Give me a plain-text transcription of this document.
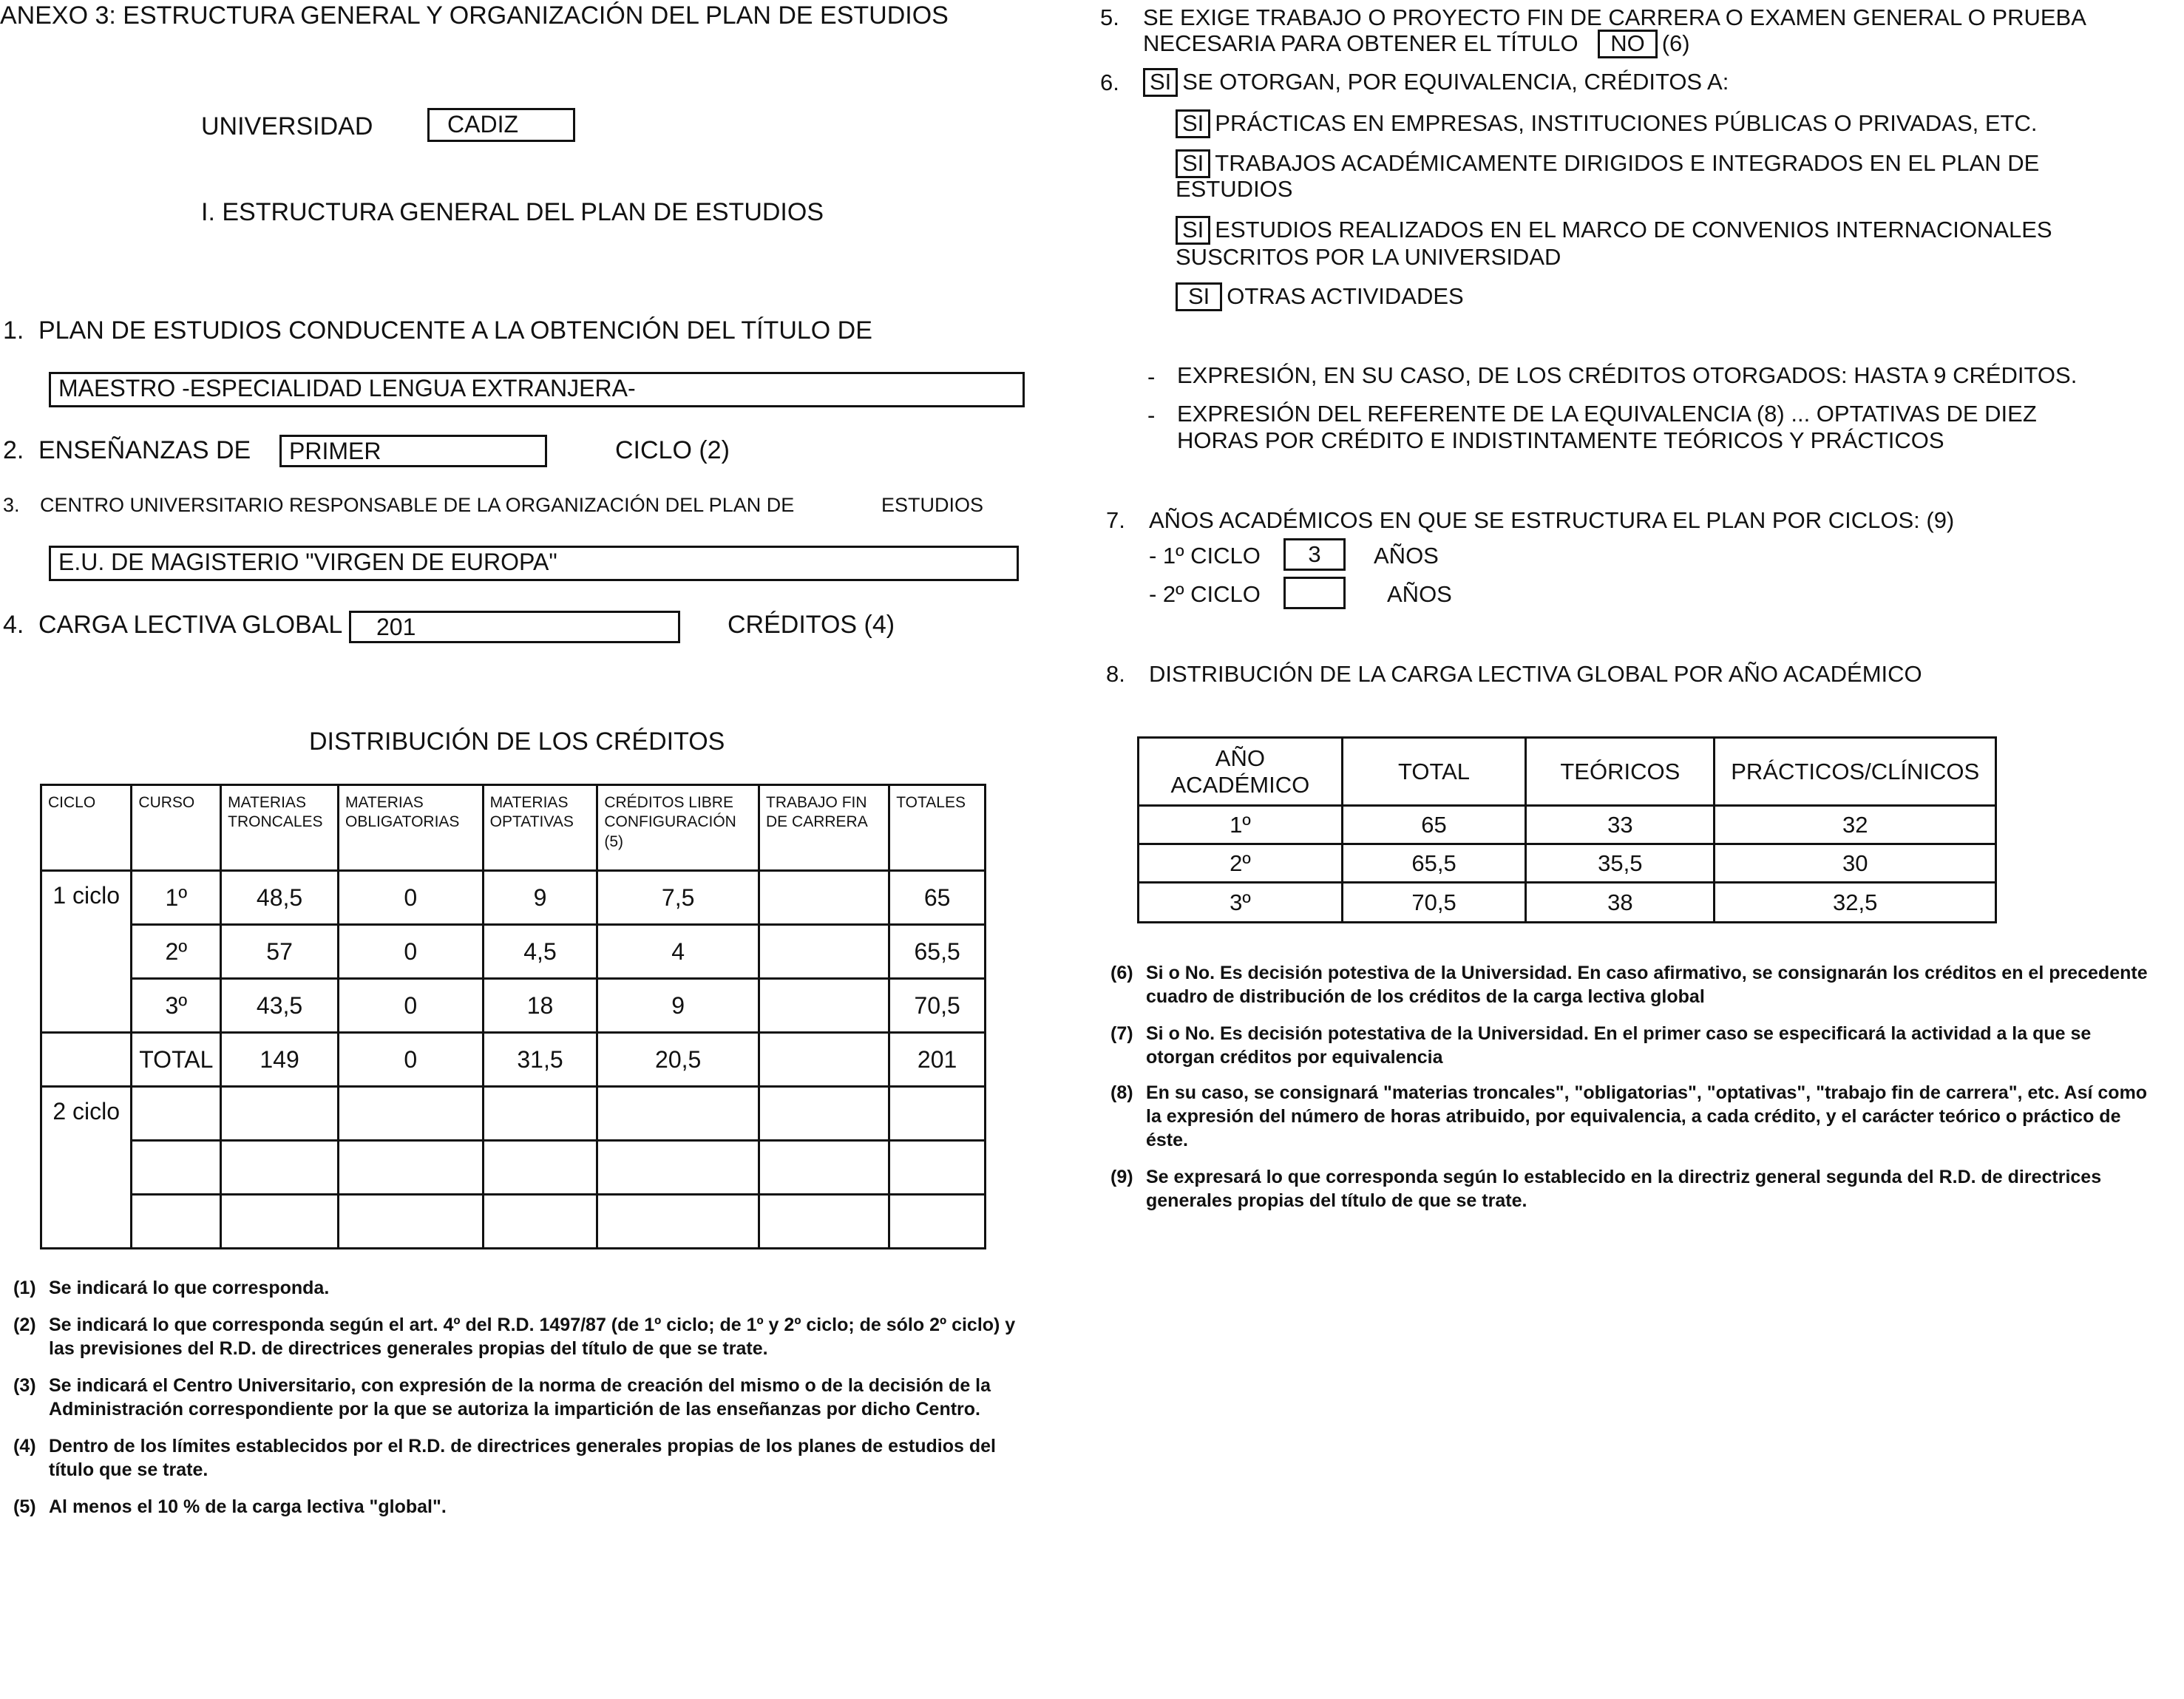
ANEXO 3: ESTRUCTURA GENERAL Y ORGANIZACIÓN DEL PLAN DE ESTUDIOS
UNIVERSIDAD	CADIZ
I. ESTRUCTURA GENERAL DEL PLAN DE ESTUDIOS
1. PLAN DE ESTUDIOS CONDUCENTE A LA OBTENCIÓN DEL TÍTULO DE
MAESTRO -ESPECIALIDAD LENGUA EXTRANJERA-
2. ENSEÑANZAS DE	PRIMER	CICLO (2)
3. CENTRO UNIVERSITARIO RESPONSABLE DE LA ORGANIZACIÓN DEL PLAN DE	ESTUDIOS
E.U. DE MAGISTERIO "VIRGEN DE EUROPA"
4. CARGA LECTIVA GLOBAL	201	CRÉDITOS (4)
DISTRIBUCIÓN DE LOS CRÉDITOS
CICLO	CURSO	MATERIAS TRONCALES	MATERIAS OBLIGATORIAS	MATERIAS OPTATIVAS	CRÉDITOS LIBRE CONFIGURACIÓN (5)	TRABAJO FIN DE CARRERA	TOTALES
1 ciclo	1º	48,5	0	9	7,5		65
	2º	57	0	4,5	4		65,5
	3º	43,5	0	18	9		70,5
	TOTAL	149	0	31,5	20,5		201
2 ciclo							

(1) Se indicará lo que corresponda.
(2) Se indicará lo que corresponda según el art. 4º del R.D. 1497/87 (de 1º ciclo; de 1º y 2º ciclo; de sólo 2º ciclo) y las previsiones del R.D. de directrices generales propias del título de que se trate.
(3) Se indicará el Centro Universitario, con expresión de la norma de creación del mismo o de la decisión de la Administración correspondiente por la que se autoriza la impartición de las enseñanzas por dicho Centro.
(4) Dentro de los límites establecidos por el R.D. de directrices generales propias de los planes de estudios del título que se trate.
(5) Al menos el 10 % de la carga lectiva "global".
5. SE EXIGE TRABAJO O PROYECTO FIN DE CARRERA O EXAMEN GENERAL O PRUEBA
NECESARIA PARA OBTENER EL TÍTULO NO (6)
6. SI SE OTORGAN, POR EQUIVALENCIA, CRÉDITOS A:
SI PRÁCTICAS EN EMPRESAS, INSTITUCIONES PÚBLICAS O PRIVADAS, ETC.
SI TRABAJOS ACADÉMICAMENTE DIRIGIDOS E INTEGRADOS EN EL PLAN DE
ESTUDIOS
SI ESTUDIOS REALIZADOS EN EL MARCO DE CONVENIOS INTERNACIONALES
SUSCRITOS POR LA UNIVERSIDAD
SI OTRAS ACTIVIDADES
- EXPRESIÓN, EN SU CASO, DE LOS CRÉDITOS OTORGADOS: HASTA 9 CRÉDITOS.
- EXPRESIÓN DEL REFERENTE DE LA EQUIVALENCIA (8) ... OPTATIVAS DE DIEZ
HORAS POR CRÉDITO E INDISTINTAMENTE TEÓRICOS Y PRÁCTICOS
7. AÑOS ACADÉMICOS EN QUE SE ESTRUCTURA EL PLAN POR CICLOS: (9)
- 1º CICLO	3	AÑOS
- 2º CICLO	AÑOS
8. DISTRIBUCIÓN DE LA CARGA LECTIVA GLOBAL POR AÑO ACADÉMICO
AÑO ACADÉMICO	TOTAL	TEÓRICOS	PRÁCTICOS/CLÍNICOS
1º	65	33	32
2º	65,5	35,5	30
3º	70,5	38	32,5
(6) Si o No. Es decisión potestiva de la Universidad. En caso afirmativo, se consignarán los créditos en el precedente cuadro de distribución de los créditos de la carga lectiva global
(7) Si o No. Es decisión potestativa de la Universidad. En el primer caso se especificará la actividad a la que se otorgan créditos por equivalencia
(8) En su caso, se consignará "materias troncales", "obligatorias", "optativas", "trabajo fin de carrera", etc. Así como la expresión del número de horas atribuido, por equivalencia, a cada crédito, y el carácter teórico o práctico de éste.
(9) Se expresará lo que corresponda según lo establecido en la directriz general segunda del R.D. de directrices generales propias del título de que se trate.
